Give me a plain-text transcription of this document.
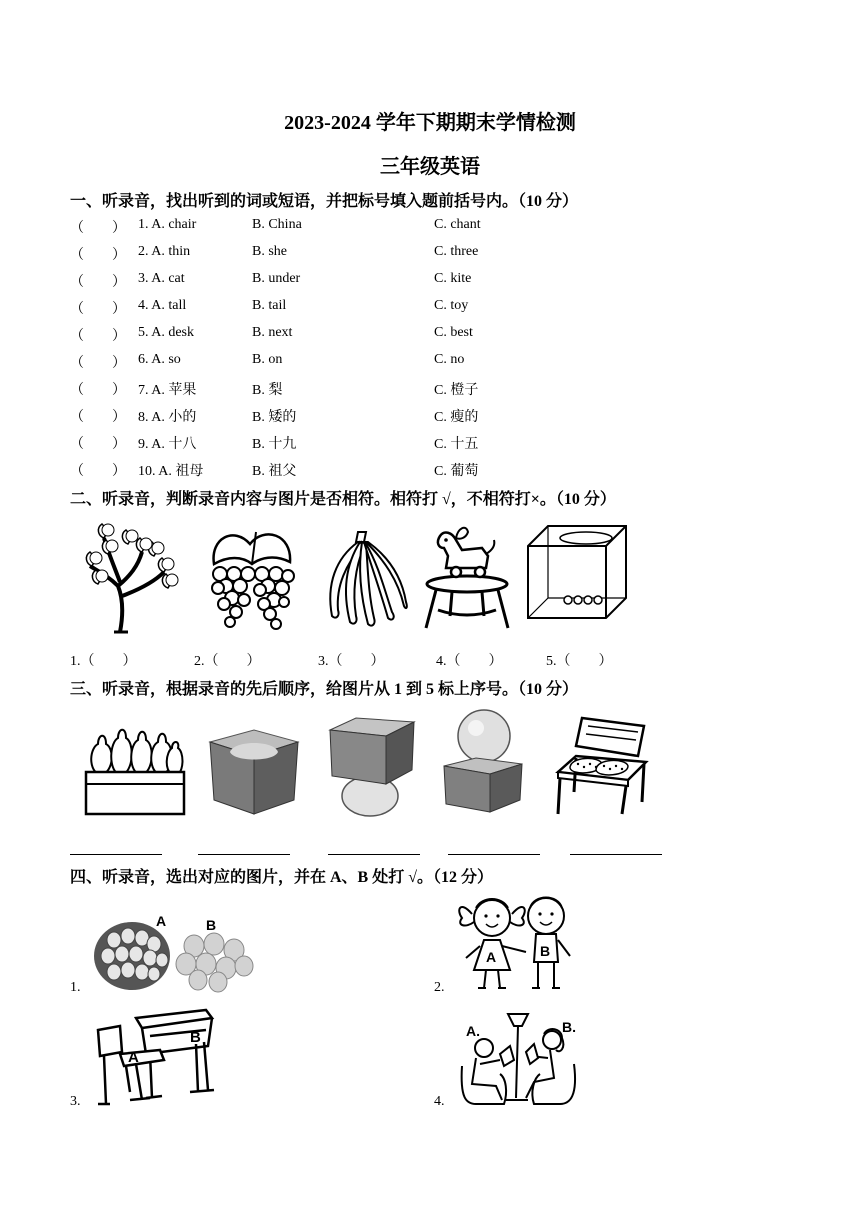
2023-2024 学年下期期末学情检测
三年级英语
一、听录音，找出听到的词或短语，并把标号填入题前括号内。（10 分）
（　　） 1. A. chair	B. China	C. chant
（　　） 2. A. thin	B. she	C. three
（　　） 3. A. cat	B. under	C. kite
（　　） 4. A. tall	B. tail	C. toy
（　　） 5. A. desk	B. next	C. best
（　　） 6. A. so	B. on	C. no
（　　） 7. A. 苹果	B. 梨	C. 橙子
（　　） 8. A. 小的	B. 矮的	C. 瘦的
（　　） 9. A. 十八	B. 十九	C. 十五
（　　） 10. A. 祖母	B. 祖父	C. 葡萄
二、听录音，判断录音内容与图片是否相符。相符打 √，不相符打×。（10 分）
1.（　　）	2.（　　）	3.（　　）	4.（　　）	5.（　　）
三、听录音，根据录音的先后顺序，给图片从 1 到 5 标上序号。（10 分）
四、听录音，选出对应的图片，并在 A、B 处打 √。（12 分）
1.
A	B
2.
A	B
3.
A
B
4.
A.	B.
